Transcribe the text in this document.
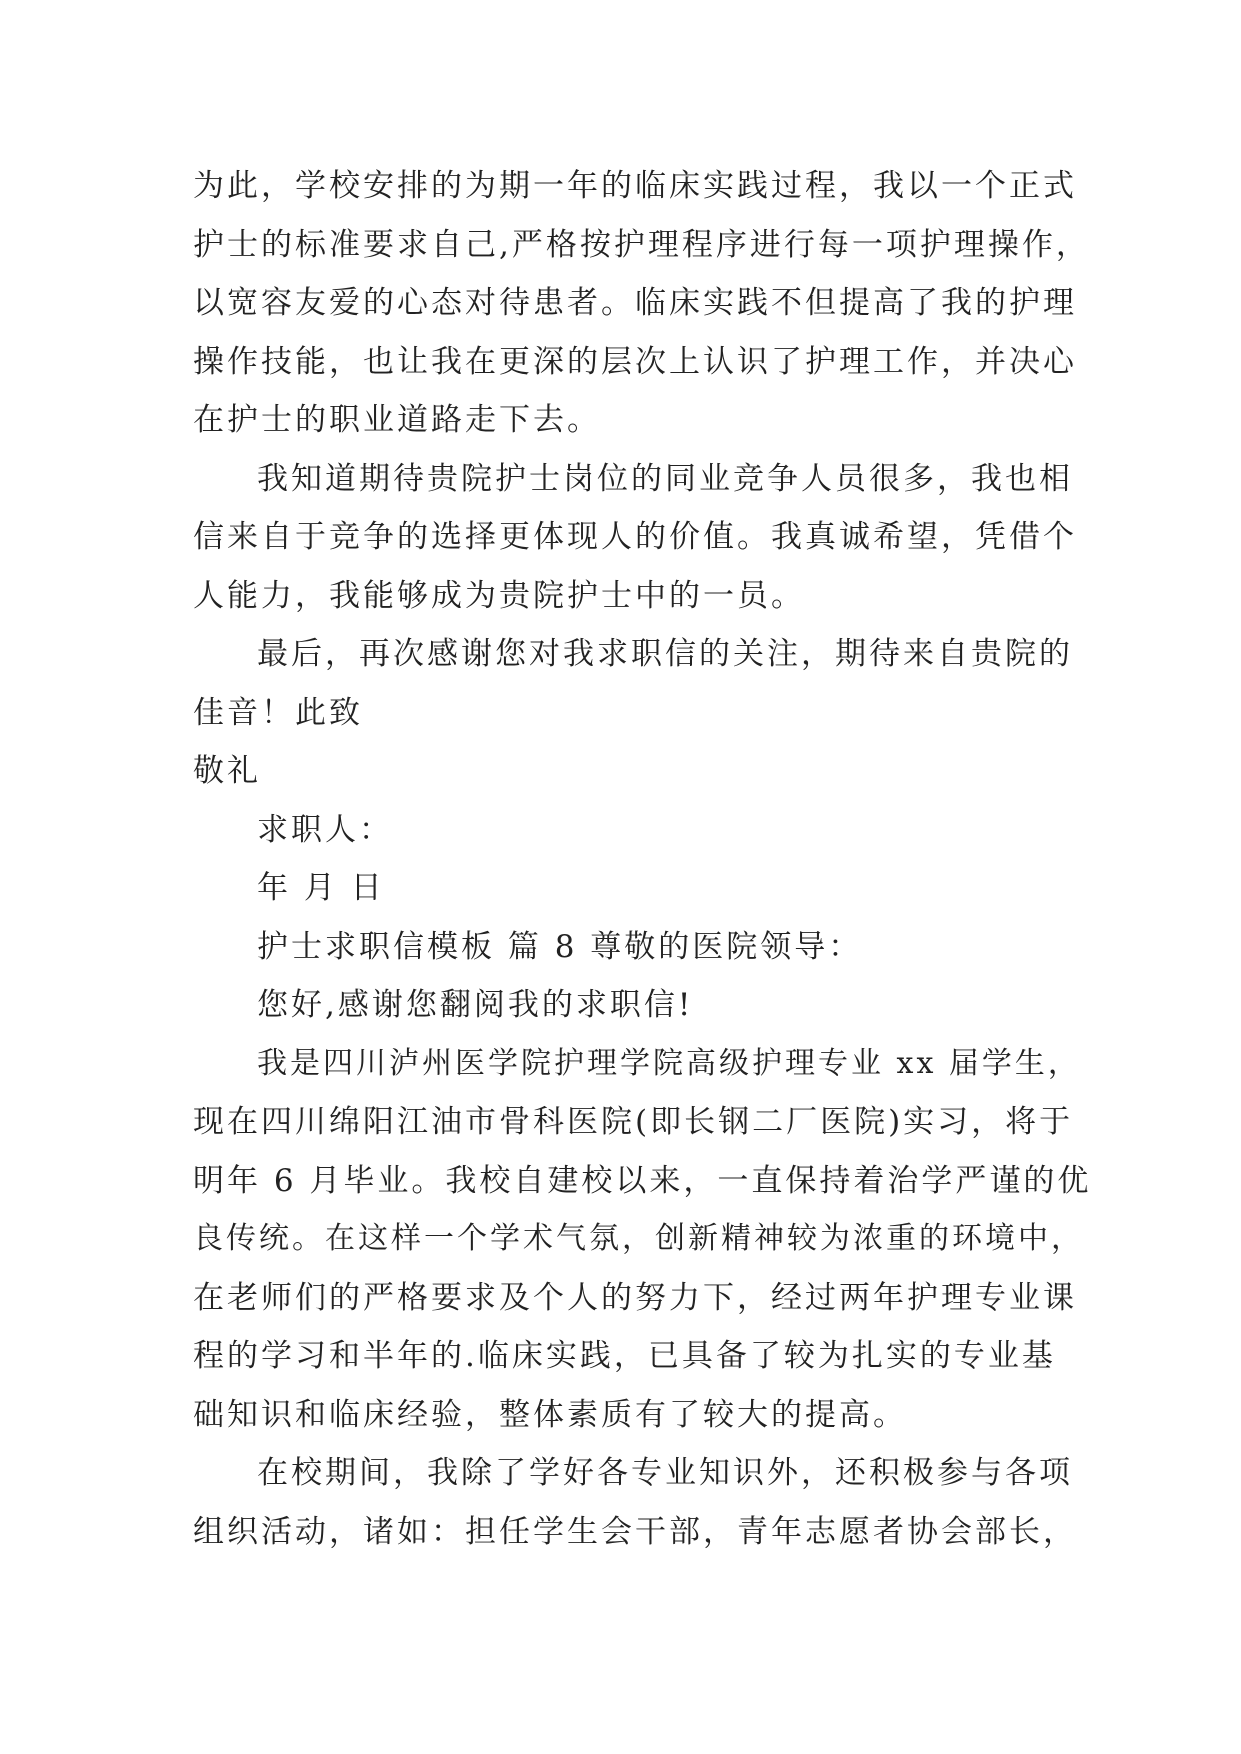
为此，学校安排的为期一年的临床实践过程，我以一个正式
护士的标准要求自己,严格按护理程序进行每一项护理操作，
以宽容友爱的心态对待患者。临床实践不但提高了我的护理
操作技能，也让我在更深的层次上认识了护理工作，并决心
在护士的职业道路走下去。
我知道期待贵院护士岗位的同业竞争人员很多，我也相
信来自于竞争的选择更体现人的价值。我真诚希望，凭借个
人能力，我能够成为贵院护士中的一员。
最后，再次感谢您对我求职信的关注，期待来自贵院的
佳音！此致
敬礼
求职人：
年 月 日
护士求职信模板 篇 8 尊敬的医院领导：
您好,感谢您翻阅我的求职信!
我是四川泸州医学院护理学院高级护理专业 xx 届学生，
现在四川绵阳江油市骨科医院(即长钢二厂医院)实习，将于
明年 6 月毕业。我校自建校以来，一直保持着治学严谨的优
良传统。在这样一个学术气氛，创新精神较为浓重的环境中，
在老师们的严格要求及个人的努力下，经过两年护理专业课
程的学习和半年的.临床实践，已具备了较为扎实的专业基
础知识和临床经验，整体素质有了较大的提高。
在校期间，我除了学好各专业知识外，还积极参与各项
组织活动，诸如：担任学生会干部，青年志愿者协会部长，
